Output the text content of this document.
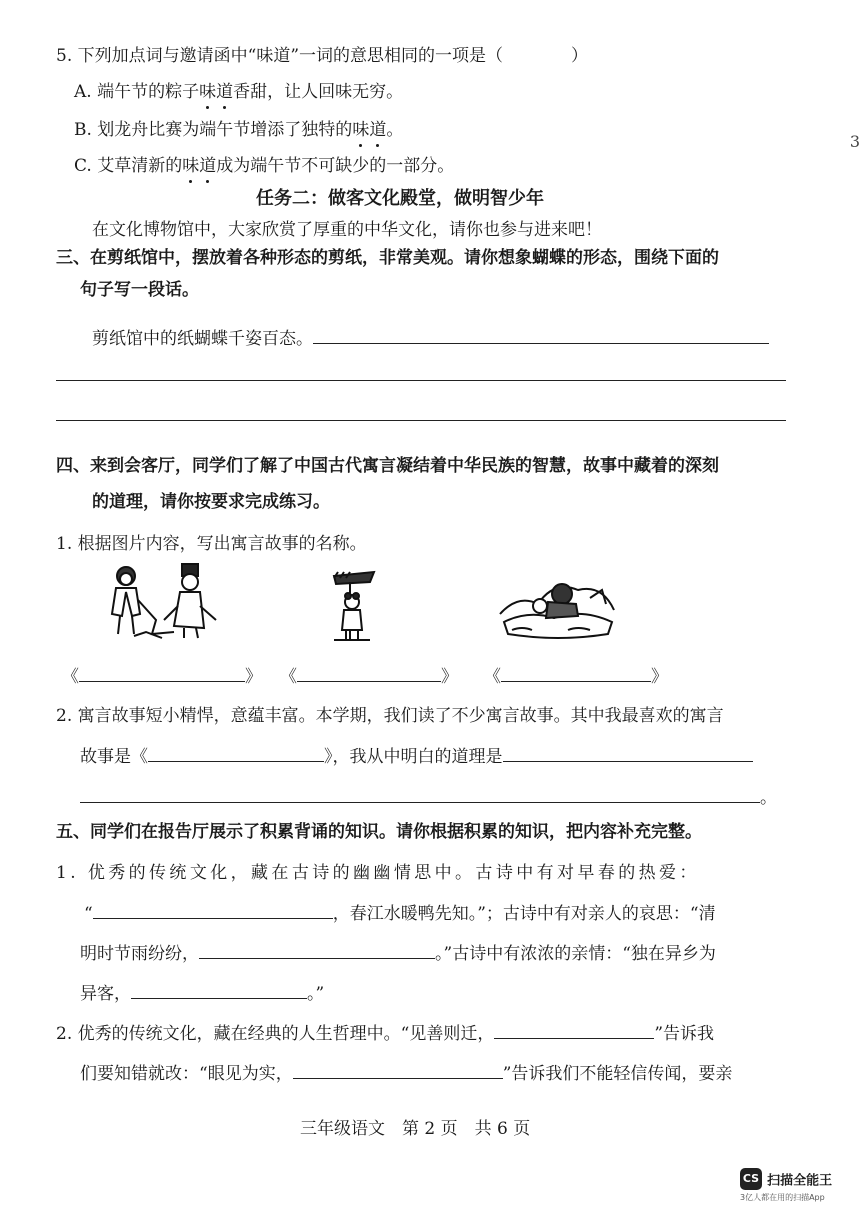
3
5. 下列加点词与邀请函中“味道”一词的意思相同的一项是（　　　　）
A. 端午节的粽子味道香甜，让人回味无穷。
B. 划龙舟比赛为端午节增添了独特的味道。
C. 艾草清新的味道成为端午节不可缺少的一部分。
任务二：做客文化殿堂，做明智少年
在文化博物馆中，大家欣赏了厚重的中华文化，请你也参与进来吧！
三、在剪纸馆中，摆放着各种形态的剪纸，非常美观。请你想象蝴蝶的形态，围绕下面的
句子写一段话。
剪纸馆中的纸蝴蝶千姿百态。
四、来到会客厅，同学们了解了中国古代寓言凝结着中华民族的智慧，故事中藏着的深刻
的道理，请你按要求完成练习。
1. 根据图片内容，写出寓言故事的名称。
《	》 《	》 《	》
2. 寓言故事短小精悍，意蕴丰富。本学期，我们读了不少寓言故事。其中我最喜欢的寓言
故事是《	》，我从中明白的道理是
。
五、同学们在报告厅展示了积累背诵的知识。请你根据积累的知识，把内容补充完整。
1. 优秀的传统文化，藏在古诗的幽幽情思中。古诗中有对早春的热爱：
“	，春江水暖鸭先知。”；古诗中有对亲人的哀思：“清
明时节雨纷纷，	。”古诗中有浓浓的亲情：“独在异乡为
异客，	。”
2. 优秀的传统文化，藏在经典的人生哲理中。“见善则迁，	”告诉我
们要知错就改：“眼见为实，	”告诉我们不能轻信传闻，要亲
三年级语文　第 2 页　共 6 页
CS 扫描全能王
3亿人都在用的扫描App
